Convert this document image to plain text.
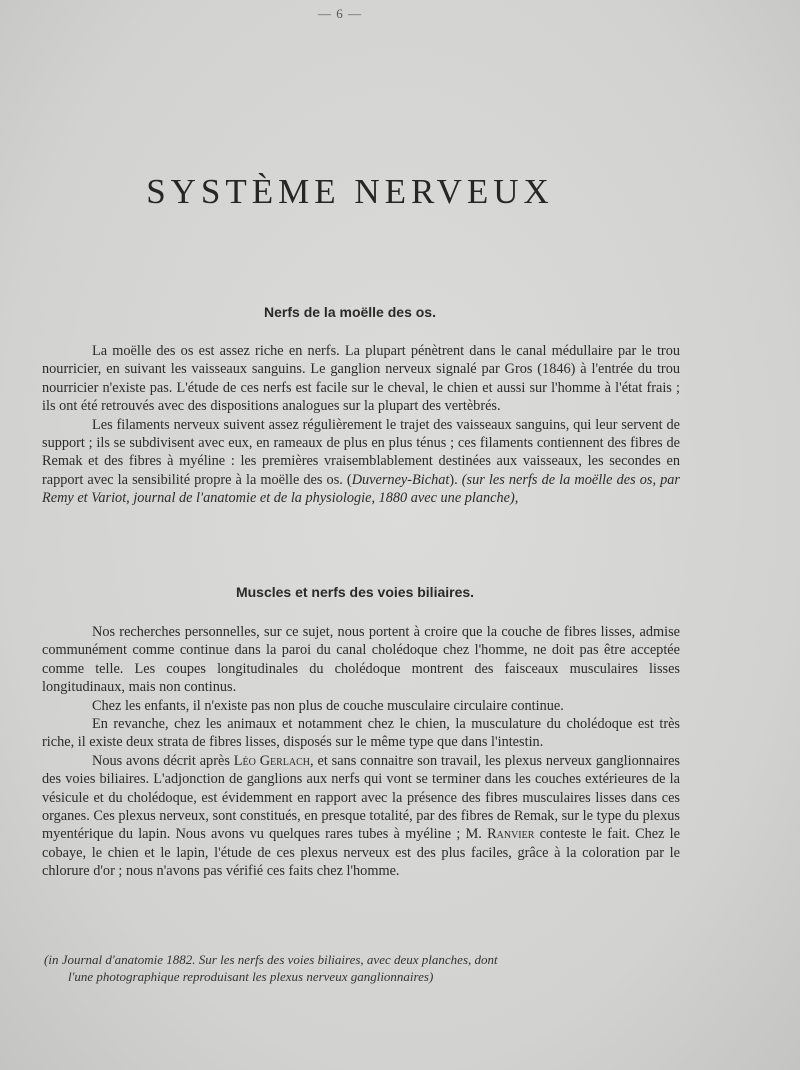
— 6 —
SYSTÈME NERVEUX
Nerfs de la moëlle des os.

La moëlle des os est assez riche en nerfs. La plupart pénètrent dans le canal médullaire par le trou nourricier, en suivant les vaisseaux sanguins. Le ganglion nerveux signalé par Gros (1846) à l'entrée du trou nourricier n'existe pas. L'étude de ces nerfs est facile sur le cheval, le chien et aussi sur l'homme à l'état frais ; ils ont été retrouvés avec des dispositions analogues sur la plupart des vertèbrés.

Les filaments nerveux suivent assez régulièrement le trajet des vaisseaux sanguins, qui leur servent de support ; ils se subdivisent avec eux, en rameaux de plus en plus ténus ; ces filaments contiennent des fibres de Remak et des fibres à myéline : les premières vraisemblablement destinées aux vaisseaux, les secondes en rapport avec la sensibilité propre à la moëlle des os. (Duverney-Bichat). (sur les nerfs de la moëlle des os, par Remy et Variot, journal de l'anatomie et de la physiologie, 1880 avec une planche),

Muscles et nerfs des voies biliaires.

Nos recherches personnelles, sur ce sujet, nous portent à croire que la couche de fibres lisses, admise communément comme continue dans la paroi du canal cholédoque chez l'homme, ne doit pas être acceptée comme telle. Les coupes longitudinales du cholédoque montrent des faisceaux musculaires lisses longitudinaux, mais non continus.

Chez les enfants, il n'existe pas non plus de couche musculaire circulaire continue.

En revanche, chez les animaux et notamment chez le chien, la musculature du cholédoque est très riche, il existe deux strata de fibres lisses, disposés sur le même type que dans l'intestin.

Nous avons décrit après Léo Gerlach, et sans connaitre son travail, les plexus nerveux ganglionnaires des voies biliaires. L'adjonction de ganglions aux nerfs qui vont se terminer dans les couches extérieures de la vésicule et du cholédoque, est évidemment en rapport avec la présence des fibres musculaires lisses dans ces organes. Ces plexus nerveux, sont constitués, en presque totalité, par des fibres de Remak, sur le type du plexus myentérique du lapin. Nous avons vu quelques rares tubes à myéline ; M. Ranvier conteste le fait. Chez le cobaye, le chien et le lapin, l'étude de ces plexus nerveux est des plus faciles, grâce à la coloration par le chlorure d'or ; nous n'avons pas vérifié ces faits chez l'homme.

(in Journal d'anatomie 1882. Sur les nerfs des voies biliaires, avec deux planches, dont
l'une photographique reproduisant les plexus nerveux ganglionnaires)
